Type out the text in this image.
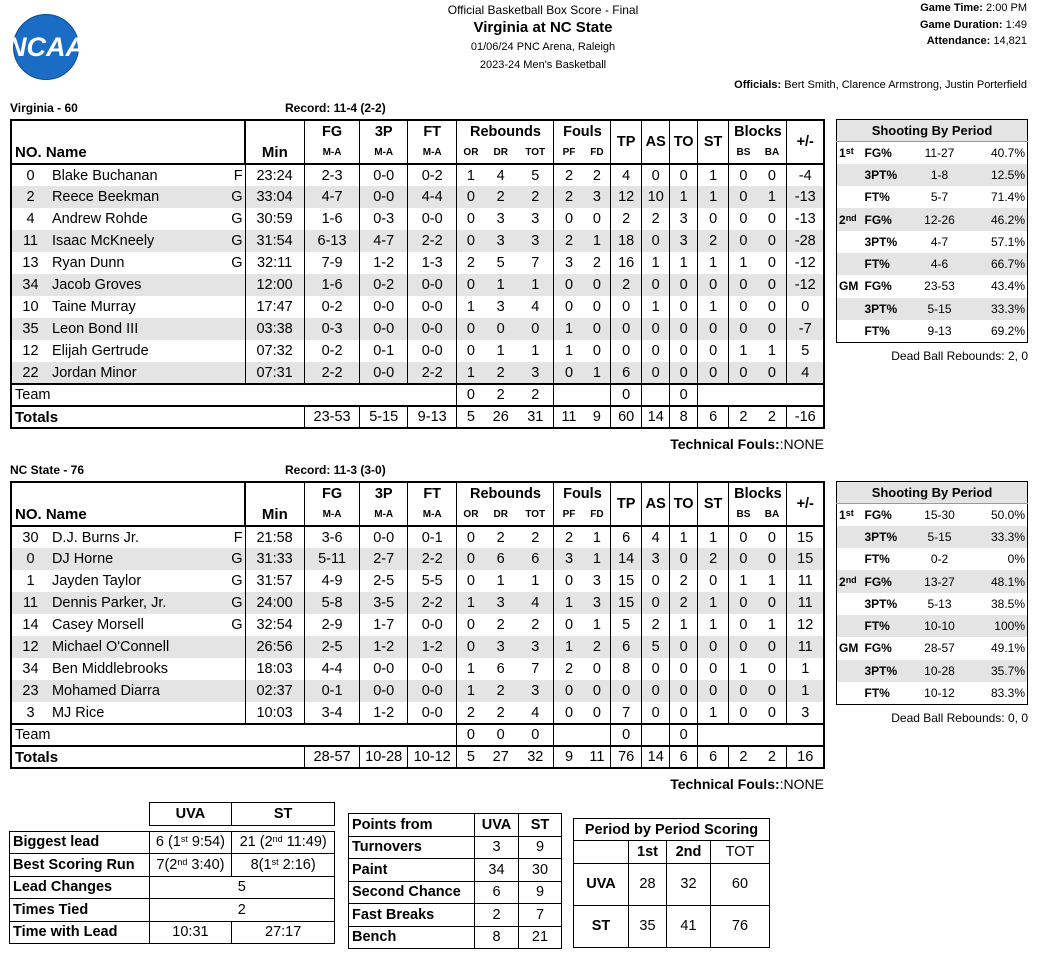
NCAA
Official Basketball Box Score - Final
Virginia at NC State
01/06/24 PNC Arena, Raleigh
2023-24 Men's Basketball
Game Time: 2:00 PM
Game Duration: 1:49
Attendance: 14,821
Officials: Bert Smith, Clarence Armstrong, Justin Porterfield
Virginia - 60	Record: 11-4 (2-2)
			FG	3P	FT	Rebounds			Fouls		TP	AS	TO	ST	Blocks		+/-
NO. Name		Min	M-A	M-A	M-A	OR	DR	TOT	PF	FD					BS	BA	
0	Blake Buchanan F	23:24	2-3	0-0	0-2	1	4	5	2	2	4	0	0	1	0	0	-4
2	Reece Beekman G	33:04	4-7	0-0	4-4	0	2	2	2	3	12	10	1	1	0	1	-13
4	Andrew Rohde G	30:59	1-6	0-3	0-0	0	3	3	0	0	2	2	3	0	0	0	-13
11	Isaac McKneely G	31:54	6-13	4-7	2-2	0	3	3	2	1	18	0	3	2	0	0	-28
13	Ryan Dunn G	32:11	7-9	1-2	1-3	2	5	7	3	2	16	1	1	1	1	0	-12
34	Jacob Groves	12:00	1-6	0-2	0-0	0	1	1	0	0	2	0	0	0	0	0	-12
10	Taine Murray	17:47	0-2	0-0	0-0	1	3	4	0	0	0	1	0	1	0	0	0
35	Leon Bond III	03:38	0-3	0-0	0-0	0	0	0	1	0	0	0	0	0	0	0	-7
12	Elijah Gertrude	07:32	0-2	0-1	0-0	0	1	1	1	0	0	0	0	0	1	1	5
22	Jordan Minor	07:31	2-2	0-0	2-2	1	2	3	0	1	6	0	0	0	0	0	4
Team						0	2	2			0		0				
Totals			23-53	5-15	9-13	5	26	31	11	9	60	14	8	6	2	2	-16
Shooting By Period			
1st	FG%	11-27	40.7%
	3PT%	1-8	12.5%
	FT%	5-7	71.4%
2nd	FG%	12-26	46.2%
	3PT%	4-7	57.1%
	FT%	4-6	66.7%
GM	FG%	23-53	43.4%
	3PT%	5-15	33.3%
	FT%	9-13	69.2%
Dead Ball Rebounds: 2, 0
Technical Fouls::NONE
NC State - 76	Record: 11-3 (3-0)
			FG	3P	FT	Rebounds			Fouls		TP	AS	TO	ST	Blocks		+/-
NO. Name		Min	M-A	M-A	M-A	OR	DR	TOT	PF	FD					BS	BA	
30	D.J. Burns Jr. F	21:58	3-6	0-0	0-1	0	2	2	2	1	6	4	1	1	0	0	15
0	DJ Horne G	31:33	5-11	2-7	2-2	0	6	6	3	1	14	3	0	2	0	0	15
1	Jayden Taylor G	31:57	4-9	2-5	5-5	0	1	1	0	3	15	0	2	0	1	1	11
11	Dennis Parker, Jr. G	24:00	5-8	3-5	2-2	1	3	4	1	3	15	0	2	1	0	0	11
14	Casey Morsell G	32:54	2-9	1-7	0-0	0	2	2	0	1	5	2	1	1	0	1	12
12	Michael O'Connell	26:56	2-5	1-2	1-2	0	3	3	1	2	6	5	0	0	0	0	11
34	Ben Middlebrooks	18:03	4-4	0-0	0-0	1	6	7	2	0	8	0	0	0	1	0	1
23	Mohamed Diarra	02:37	0-1	0-0	0-0	1	2	3	0	0	0	0	0	0	0	0	1
3	MJ Rice	10:03	3-4	1-2	0-0	2	2	4	0	0	7	0	0	1	0	0	3
Team						0	0	0			0		0				
Totals			28-57	10-28	10-12	5	27	32	9	11	76	14	6	6	2	2	16
Shooting By Period			
1st	FG%	15-30	50.0%
	3PT%	5-15	33.3%
	FT%	0-2	0%
2nd	FG%	13-27	48.1%
	3PT%	5-13	38.5%
	FT%	10-10	100%
GM	FG%	28-57	49.1%
	3PT%	10-28	35.7%
	FT%	10-12	83.3%
Dead Ball Rebounds: 0, 0
Technical Fouls::NONE
	UVA	ST

Biggest lead	6 (1st 9:54)	21 (2nd 11:49)
Best Scoring Run	7(2nd 3:40)	8(1st 2:16)
Lead Changes	5	
Times Tied	2	
Time with Lead	10:31	27:17
Points from	UVA	ST
Turnovers	3	9
Paint	34	30
Second Chance	6	9
Fast Breaks	2	7
Bench	8	21
Period by Period Scoring			
	1st	2nd	TOT
UVA	28	32	60
ST	35	41	76
